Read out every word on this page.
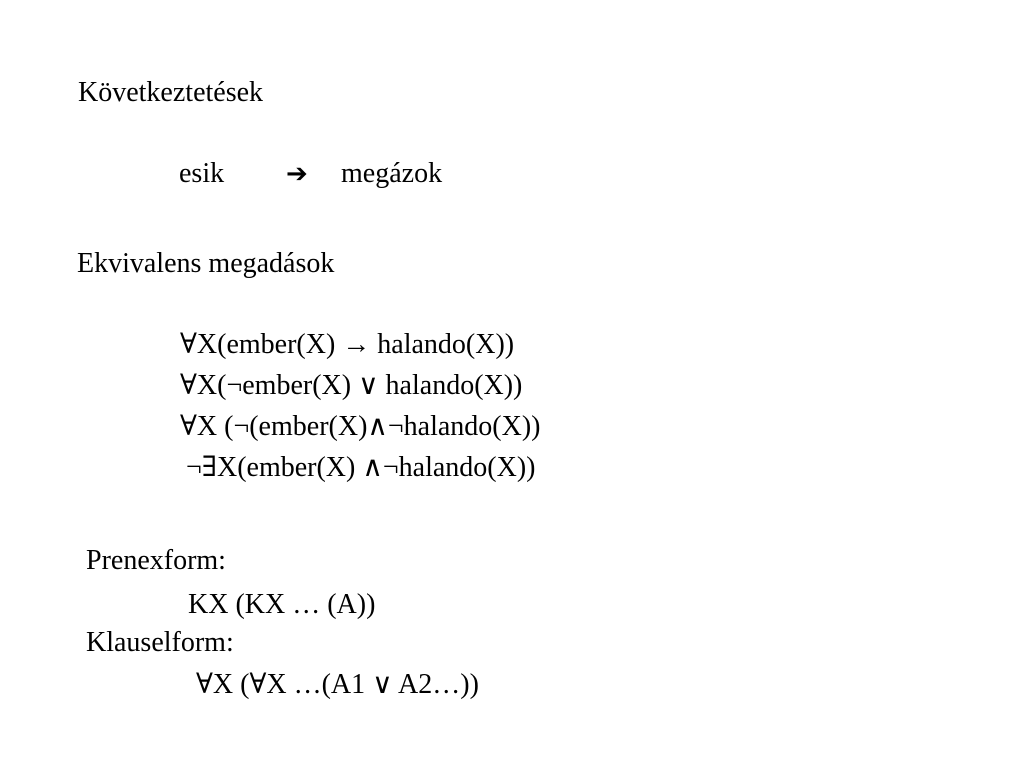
Következtetések
esik ➔ megázok
Ekvivalens megadások
∀X(ember(X) → halando(X))
∀X(¬ember(X) ∨ halando(X))
∀X (¬(ember(X)∧¬halando(X))
¬∃X(ember(X) ∧¬halando(X))
Prenexform:
KX (KX … (A))
Klauselform:
∀X (∀X …(A1 ∨ A2…))
